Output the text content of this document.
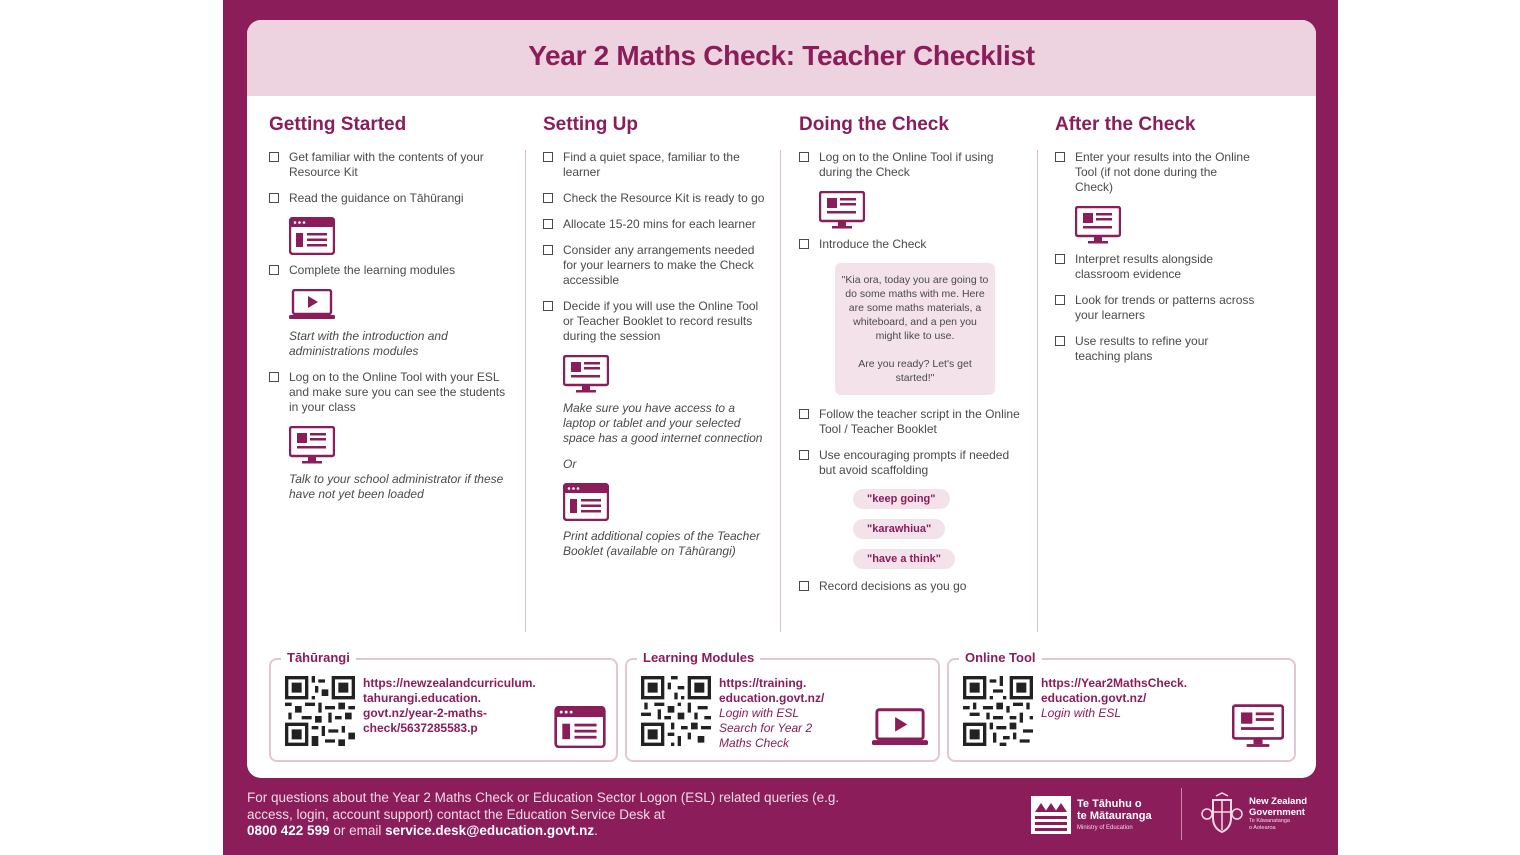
Year 2 Maths Check: Teacher Checklist
Getting Started
Get familiar with the contents of your Resource Kit
Read the guidance on Tāhūrangi
Complete the learning modules
Start with the introduction and administrations modules
Log on to the Online Tool with your ESL and make sure you can see the students in your class
Talk to your school administrator if these have not yet been loaded
Setting Up
Find a quiet space, familiar to the learner
Check the Resource Kit is ready to go
Allocate 15-20 mins for each learner
Consider any arrangements needed for your learners to make the Check accessible
Decide if you will use the Online Tool or Teacher Booklet to record results during the session
Make sure you have access to a laptop or tablet and your selected space has a good internet connection
Or
Print additional copies of the Teacher Booklet (available on Tāhūrangi)
Doing the Check
Log on to the Online Tool if using during the Check
Introduce the Check
"Kia ora, today you are going to do some maths with me. Here are some maths materials, a whiteboard, and a pen you might like to use.
Are you ready? Let's get started!"
Follow the teacher script in the Online Tool / Teacher Booklet
Use encouraging prompts if needed but avoid scaffolding
"keep going"
"karawhiua"
"have a think"
Record decisions as you go
After the Check
Enter your results into the Online Tool (if not done during the Check)
Interpret results alongside classroom evidence
Look for trends or patterns across your learners
Use results to refine your teaching plans
Tāhūrangi
https://newzealandcurriculum.
tahurangi.education.
govt.nz/year-2-maths-
check/5637285583.p
Learning Modules
https://training.
education.govt.nz/
Login with ESL
Search for Year 2
Maths Check
Online Tool
https://Year2MathsCheck.
education.govt.nz/
Login with ESL
For questions about the Year 2 Maths Check or Education Sector Logon (ESL) related queries (e.g. access, login, account support) contact the Education Service Desk at
0800 422 599 or email service.desk@education.govt.nz.
Te Tāhuhu o
te Mātauranga
Ministry of Education
New Zealand
Government
Te Kāwanatanga
o Aotearoa
